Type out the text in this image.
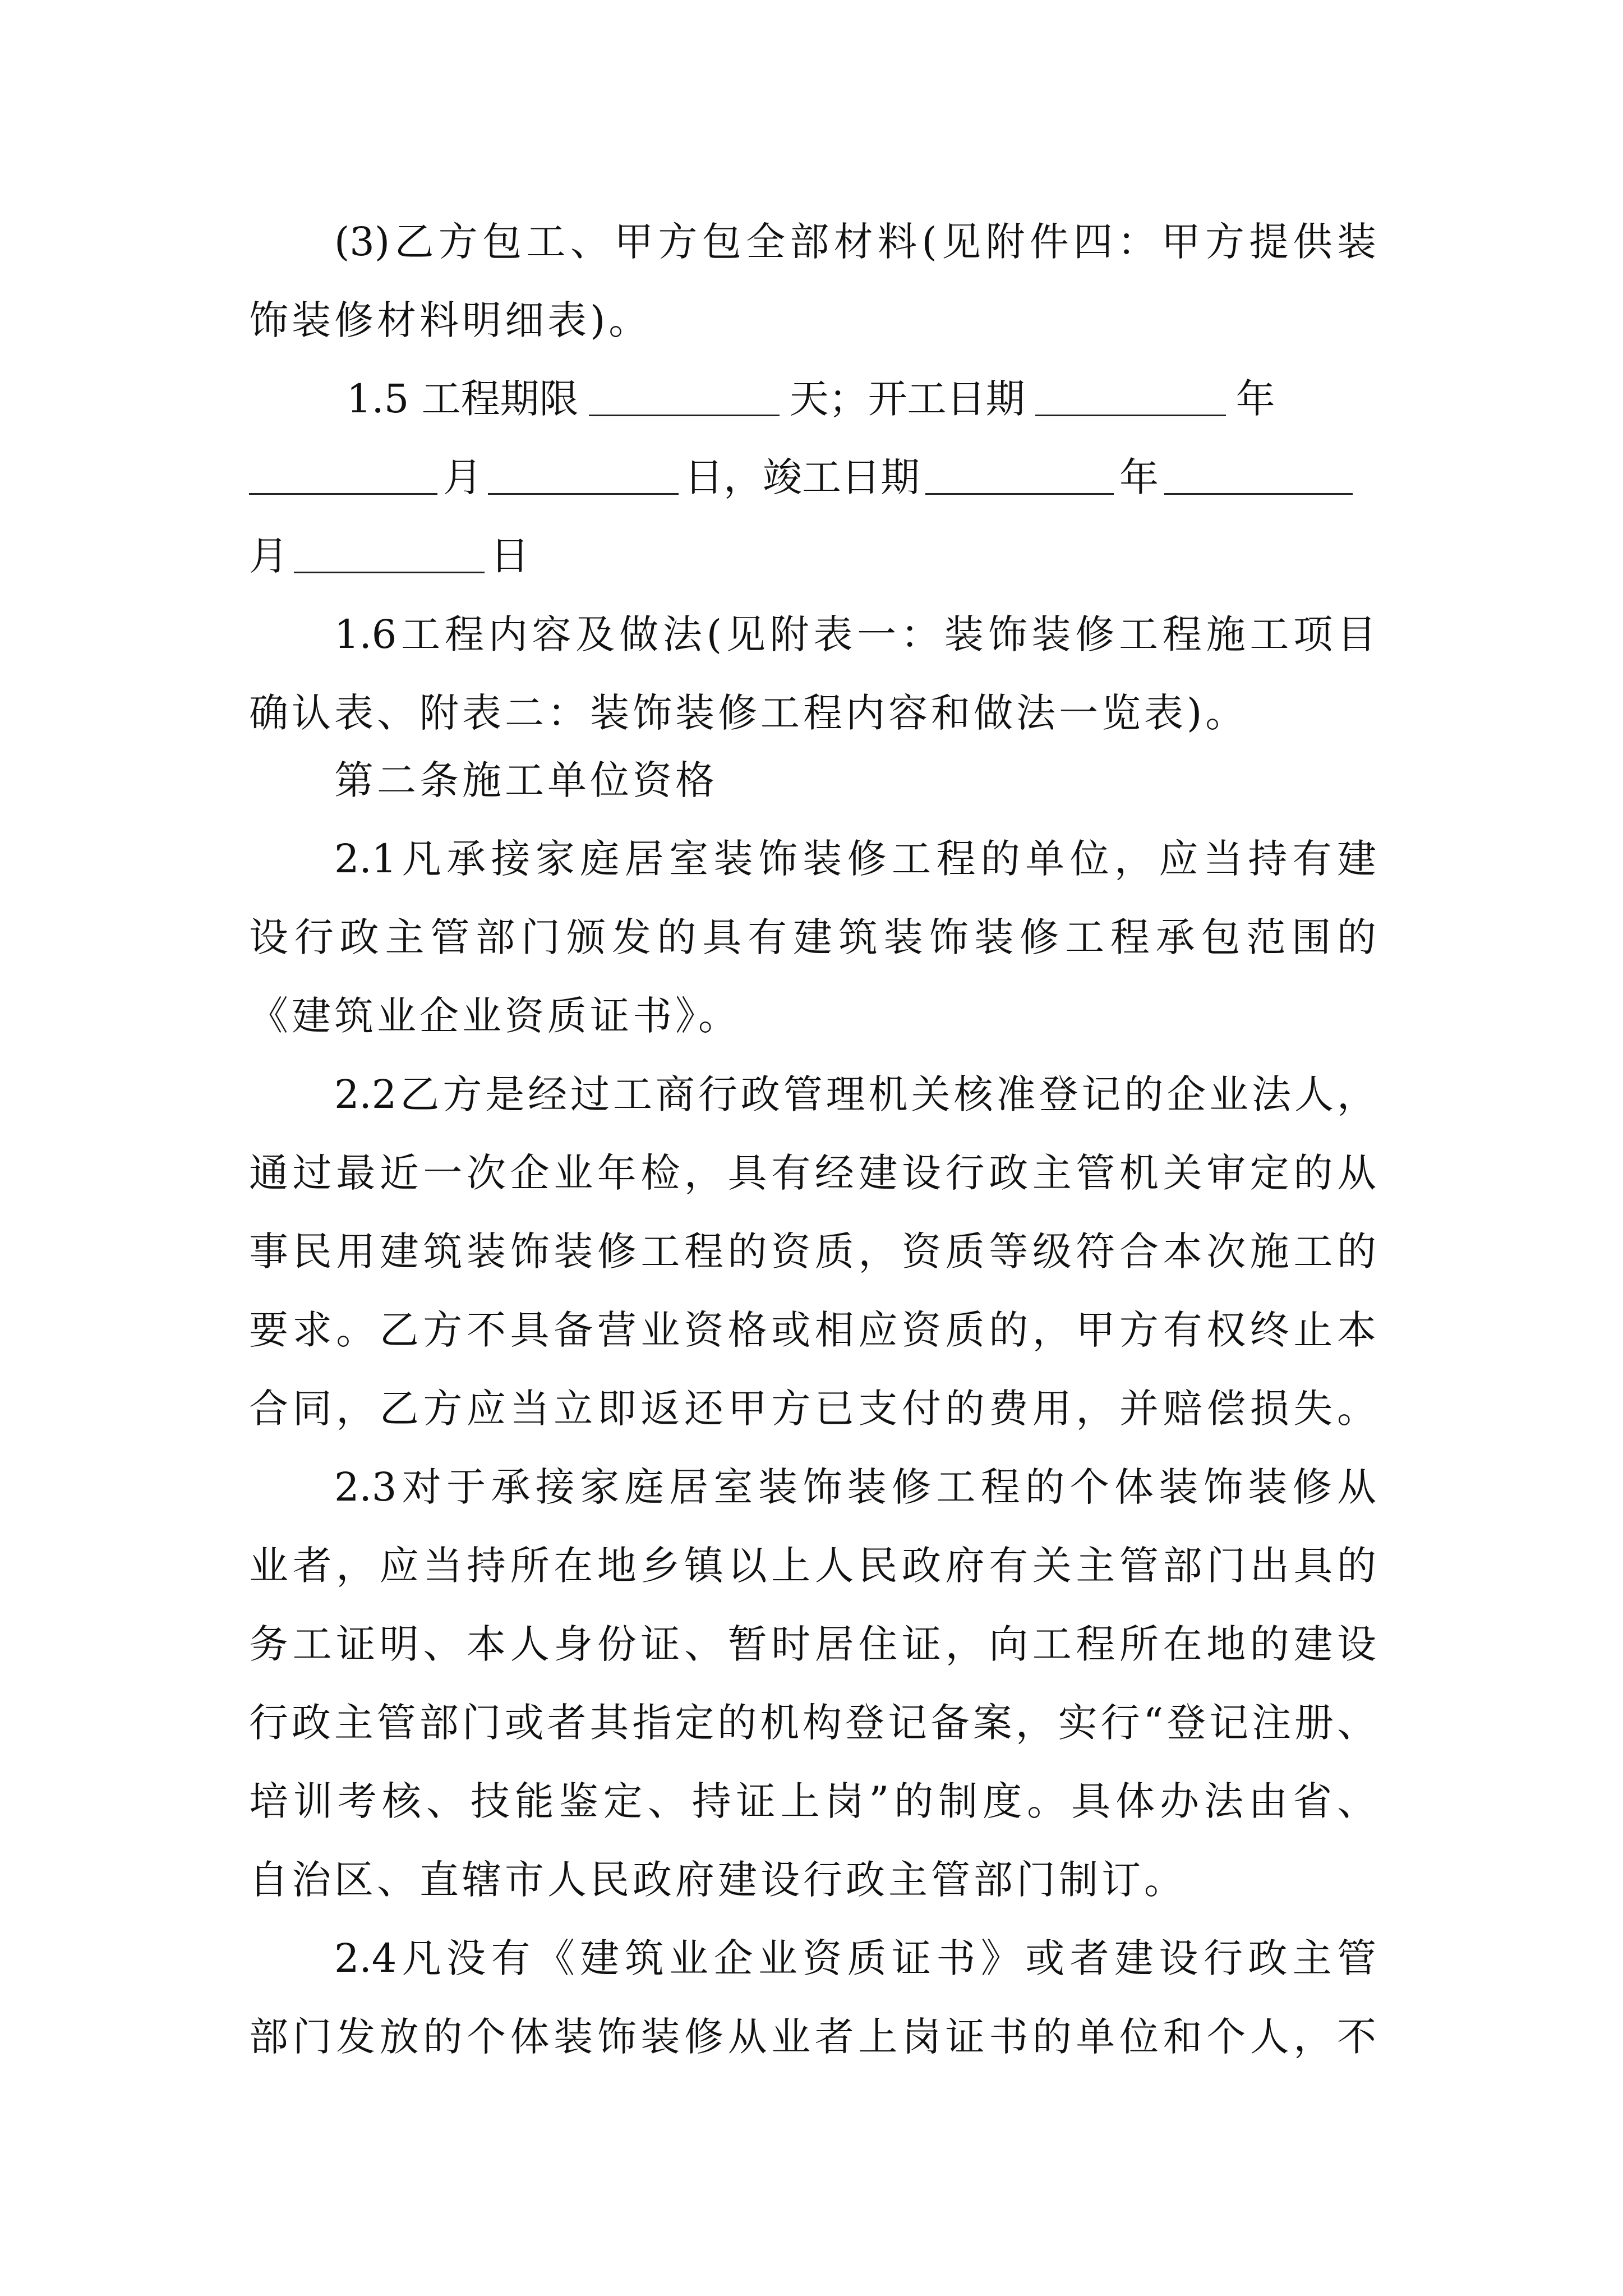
(3)乙方包工、甲方包全部材料(见附件四：甲方提供装
饰装修材料明细表)。
1.5 工程期限	天；开工日期	年
月	日，竣工日期	年
月	日
1.6工程内容及做法(见附表一：装饰装修工程施工项目
确认表、附表二：装饰装修工程内容和做法一览表)。
第二条施工单位资格
2.1凡承接家庭居室装饰装修工程的单位，应当持有建
设行政主管部门颁发的具有建筑装饰装修工程承包范围的
《建筑业企业资质证书》。
2.2乙方是经过工商行政管理机关核准登记的企业法人，
通过最近一次企业年检，具有经建设行政主管机关审定的从
事民用建筑装饰装修工程的资质，资质等级符合本次施工的
要求。乙方不具备营业资格或相应资质的，甲方有权终止本
合同，乙方应当立即返还甲方已支付的费用，并赔偿损失。
2.3对于承接家庭居室装饰装修工程的个体装饰装修从
业者，应当持所在地乡镇以上人民政府有关主管部门出具的
务工证明、本人身份证、暂时居住证，向工程所在地的建设
行政主管部门或者其指定的机构登记备案，实行“登记注册、
培训考核、技能鉴定、持证上岗”的制度。具体办法由省、
自治区、直辖市人民政府建设行政主管部门制订。
2.4凡没有《建筑业企业资质证书》或者建设行政主管
部门发放的个体装饰装修从业者上岗证书的单位和个人，不
